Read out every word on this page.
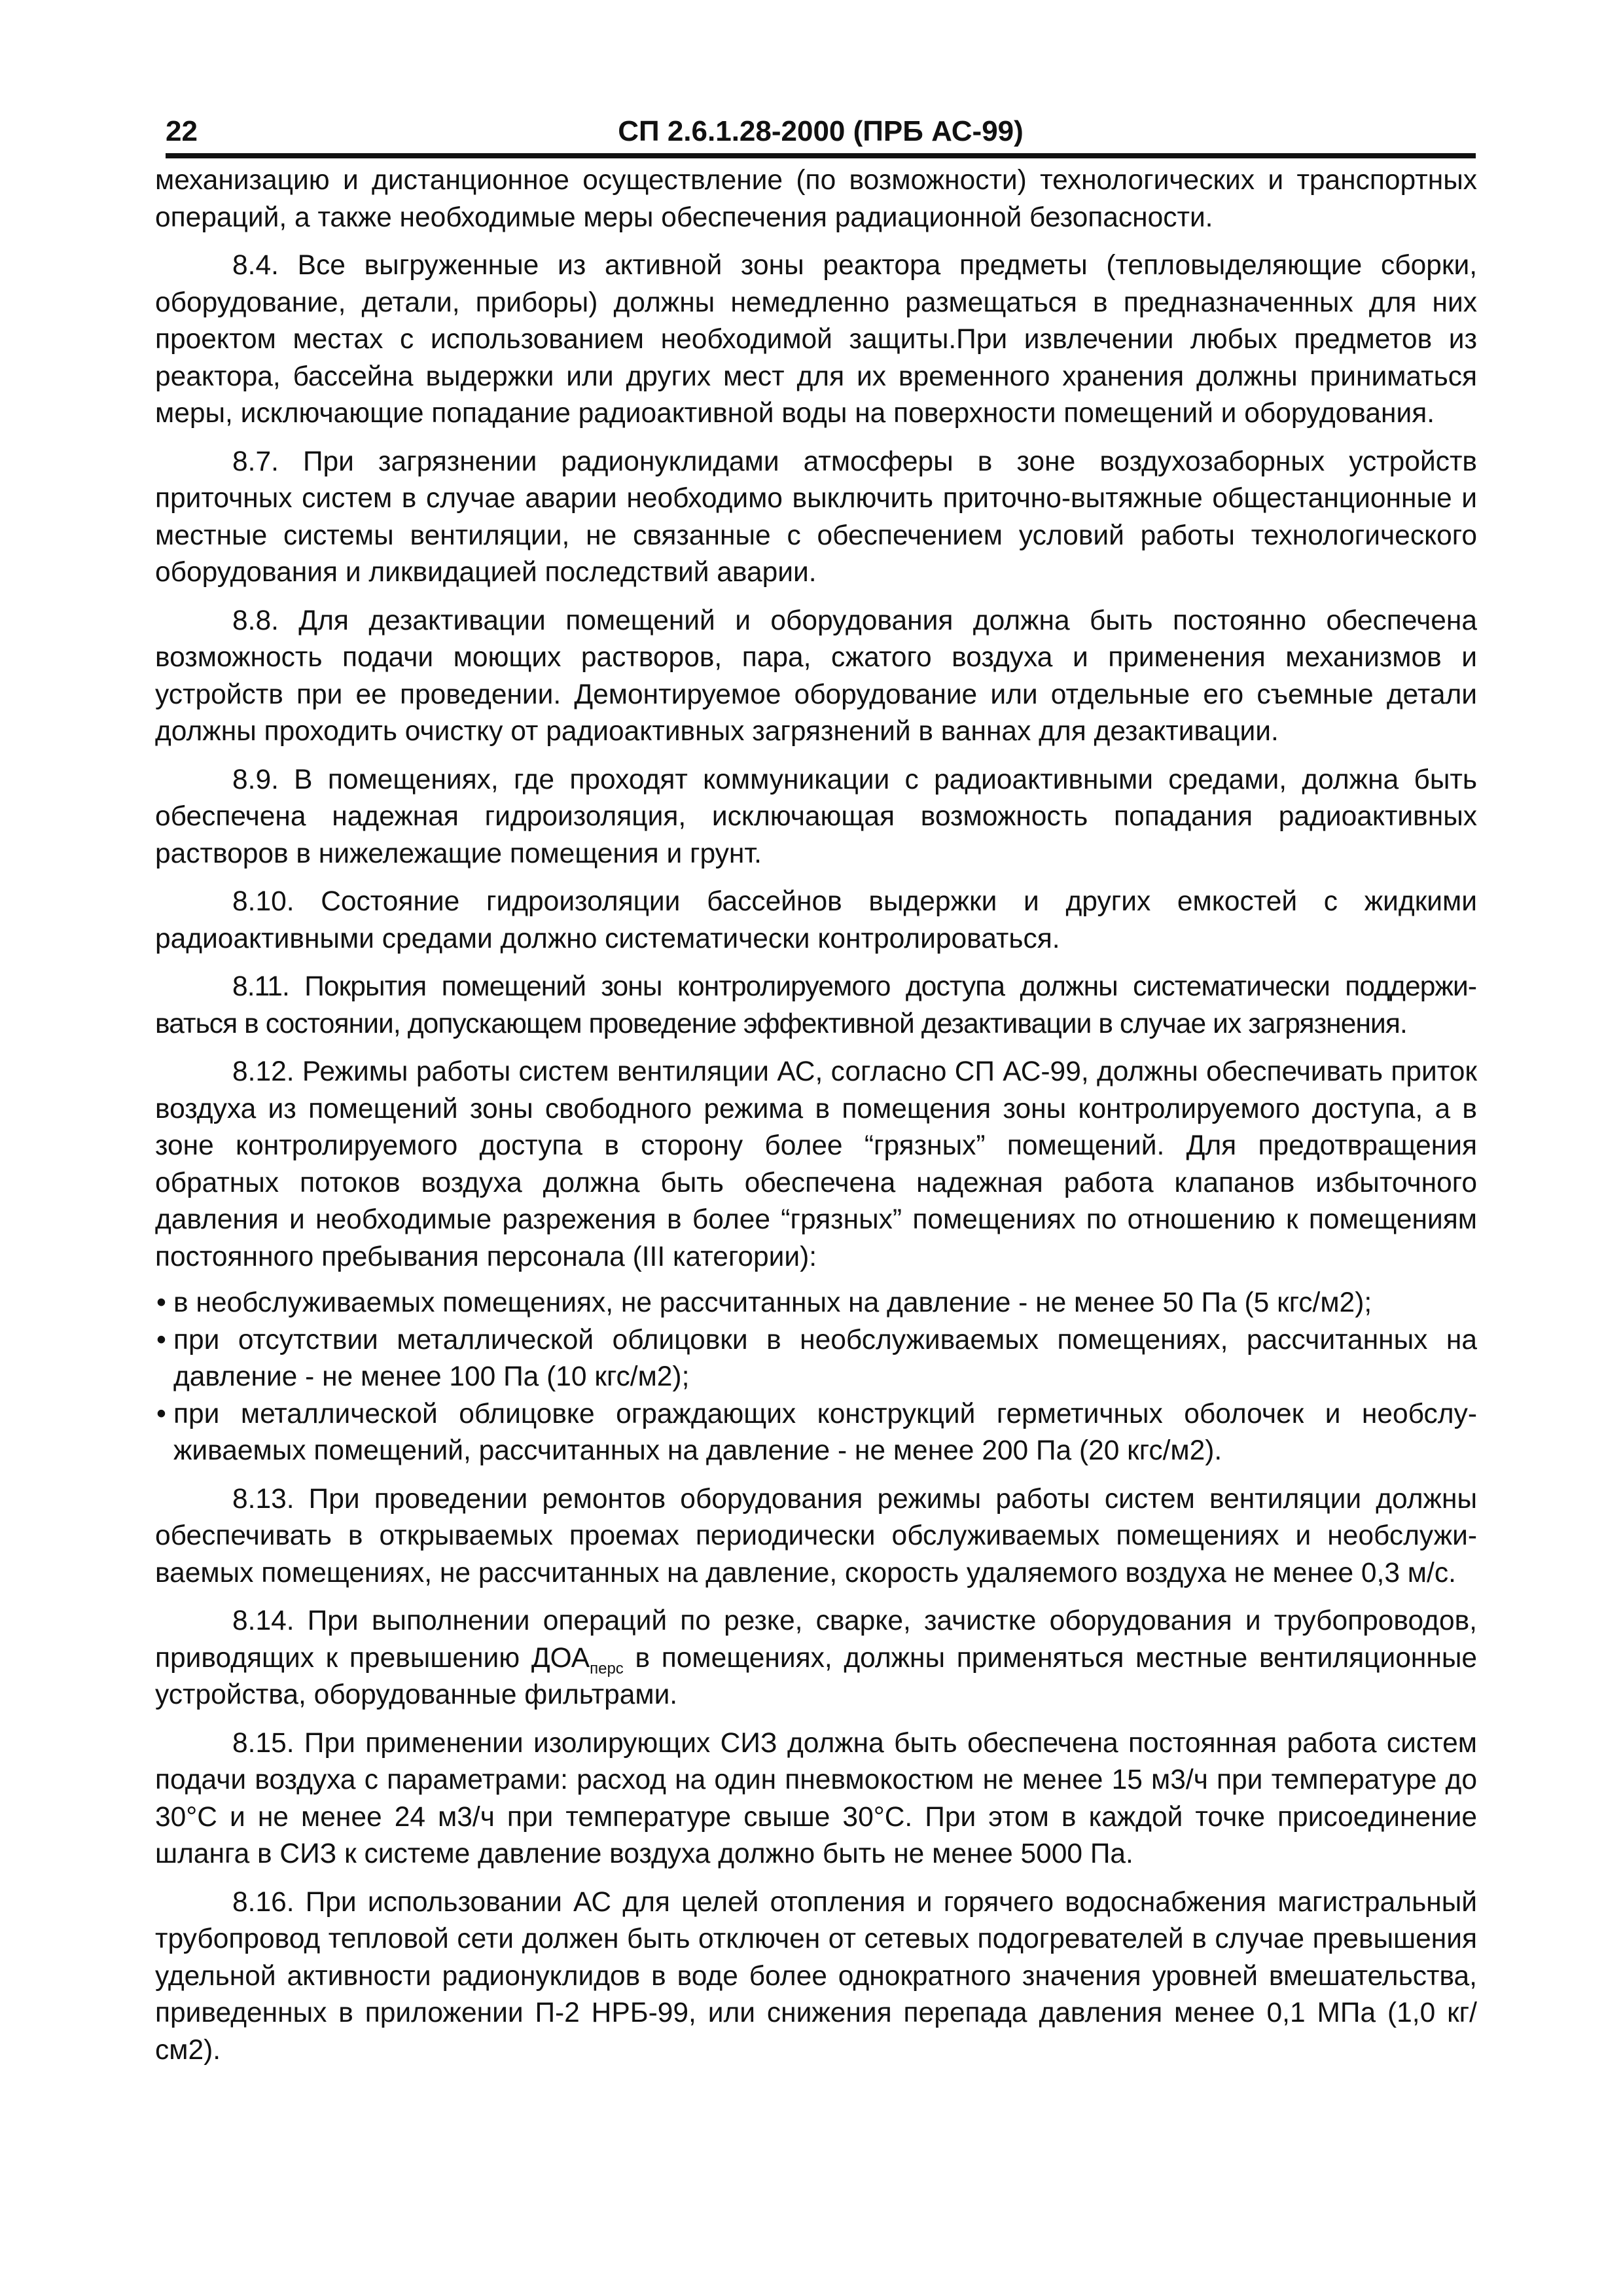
22	СП 2.6.1.28-2000 (ПРБ АС-99)

механизацию и дистанционное осуществление (по возможности) технологических и транспортных операций, а также необходимые меры обеспечения радиационной безопасности.

8.4. Все выгруженные из активной зоны реактора предметы (тепловыделяющие сборки, оборудование, детали, приборы) должны немедленно размещаться в предназначенных для них проектом местах с использованием необходимой защиты.При извлечении любых предметов из реактора, бассейна выдержки или других мест для их временного хранения должны приниматься меры, исключающие попадание радиоактивной воды на поверхности помещений и оборудования.

8.7. При загрязнении радионуклидами атмосферы в зоне воздухозаборных устройств приточных систем в случае аварии необходимо выключить приточно-вытяжные общестанционные и местные системы вентиляции, не связанные с обеспечением условий работы технологического оборудования и ликвидацией последствий аварии.

8.8. Для дезактивации помещений и оборудования должна быть постоянно обеспечена возможность подачи моющих растворов, пара, сжатого воздуха и применения механизмов и устройств при ее проведении. Демонтируемое оборудование или отдельные его съемные детали должны проходить очистку от радиоактивных загрязнений в ваннах для дезактивации.

8.9. В помещениях, где проходят коммуникации с радиоактивными средами, должна быть обеспечена надежная гидроизоляция, исключающая возможность попадания радиоактивных растворов в нижележащие помещения и грунт.

8.10. Состояние гидроизоляции бассейнов выдержки и других емкостей с жидкими радиоактивными средами должно систематически контролироваться.

8.11. Покрытия помещений зоны контролируемого доступа должны систематически поддерживаться в состоянии, допускающем проведение эффективной дезактивации в случае их загрязнения.

8.12. Режимы работы систем вентиляции АС, согласно СП АС-99, должны обеспечивать приток воздуха из помещений зоны свободного режима в помещения зоны контролируемого доступа, а в зоне контролируемого доступа в сторону более “грязных” помещений. Для предотвращения обратных потоков воздуха должна быть обеспечена надежная работа клапанов избыточного давления и необходимые разрежения в более “грязных” помещениях по отношению к помещениям постоянного пребывания персонала (III категории):

• в необслуживаемых помещениях, не рассчитанных на давление - не менее 50 Па (5 кгс/м2);
• при отсутствии металлической облицовки в необслуживаемых помещениях, рассчитанных на давление - не менее 100 Па (10 кгс/м2);
• при металлической облицовке ограждающих конструкций герметичных оболочек и необслуживаемых помещений, рассчитанных на давление - не менее 200 Па (20 кгс/м2).

8.13. При проведении ремонтов оборудования режимы работы систем вентиляции должны обеспечивать в открываемых проемах периодически обслуживаемых помещениях и необслуживаемых помещениях, не рассчитанных на давление, скорость удаляемого воздуха не менее 0,3 м/с.

8.14. При выполнении операций по резке, сварке, зачистке оборудования и трубопроводов, приводящих к превышению $ДОА_{перс}$ в помещениях, должны применяться местные вентиляционные устройства, оборудованные фильтрами.

8.15. При применении изолирующих СИЗ должна быть обеспечена постоянная работа систем подачи воздуха с параметрами: расход на один пневмокостюм не менее 15 м3/ч при температуре до 30°С и не менее 24 м3/ч при температуре свыше 30°С. При этом в каждой точке присоединение шланга в СИЗ к системе давление воздуха должно быть не менее 5000 Па.

8.16. При использовании АС для целей отопления и горячего водоснабжения магистральный трубопровод тепловой сети должен быть отключен от сетевых подогревателей в случае превышения удельной активности радионуклидов в воде более однократного значения уровней вмешательства, приведенных в приложении П-2 НРБ-99, или снижения перепада давления менее 0,1 МПа (1,0 кг/см2).
